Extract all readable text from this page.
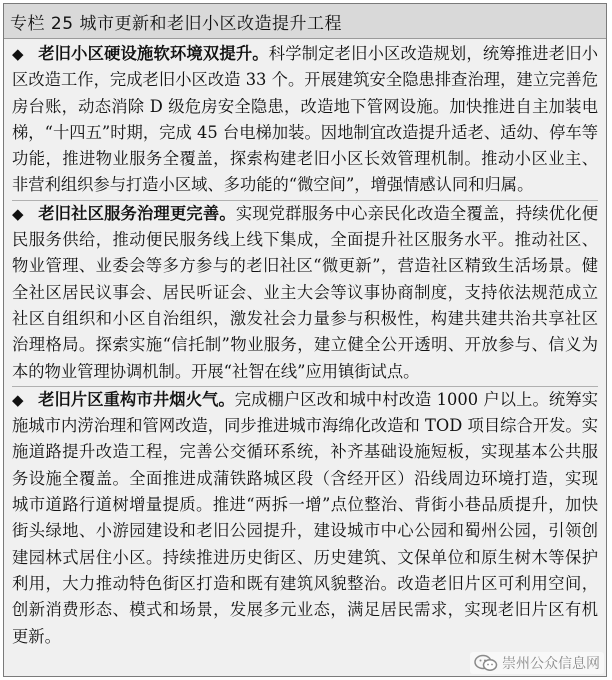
专栏 25 城市更新和老旧小区改造提升工程

◆ 老旧小区硬设施软环境双提升。科学制定老旧小区改造规划，统筹推进老旧小区改造工作，完成老旧小区改造 33 个。开展建筑安全隐患排查治理，建立完善危房台账，动态消除 D 级危房安全隐患，改造地下管网设施。加快推进自主加装电梯，“十四五”时期，完成 45 台电梯加装。因地制宜改造提升适老、适幼、停车等功能，推进物业服务全覆盖，探索构建老旧小区长效管理机制。推动小区业主、非营利组织参与打造小区域、多功能的“微空间”，增强情感认同和归属。

◆ 老旧社区服务治理更完善。实现党群服务中心亲民化改造全覆盖，持续优化便民服务供给，推动便民服务线上线下集成，全面提升社区服务水平。推动社区、物业管理、业委会等多方参与的老旧社区“微更新”，营造社区精致生活场景。健全社区居民议事会、居民听证会、业主大会等议事协商制度，支持依法规范成立社区自组织和小区自治组织，激发社会力量参与积极性，构建共建共治共享社区治理格局。探索实施“信托制”物业服务，建立健全公开透明、开放参与、信义为本的物业管理协调机制。开展“社智在线”应用镇街试点。

◆ 老旧片区重构市井烟火气。完成棚户区改和城中村改造 1000 户以上。统筹实施城市内涝治理和管网改造，同步推进城市海绵化改造和 TOD 项目综合开发。实施道路提升改造工程，完善公交循环系统，补齐基础设施短板，实现基本公共服务设施全覆盖。全面推进成蒲铁路城区段（含经开区）沿线周边环境打造，实现城市道路行道树增量提质。推进“两拆一增”点位整治、背街小巷品质提升，加快街头绿地、小游园建设和老旧公园提升，建设城市中心公园和蜀州公园，引领创建园林式居住小区。持续推进历史街区、历史建筑、文保单位和原生树木等保护利用，大力推动特色街区打造和既有建筑风貌整治。改造老旧片区可利用空间，创新消费形态、模式和场景，发展多元业态，满足居民需求，实现老旧片区有机更新。

崇州公众信息网
